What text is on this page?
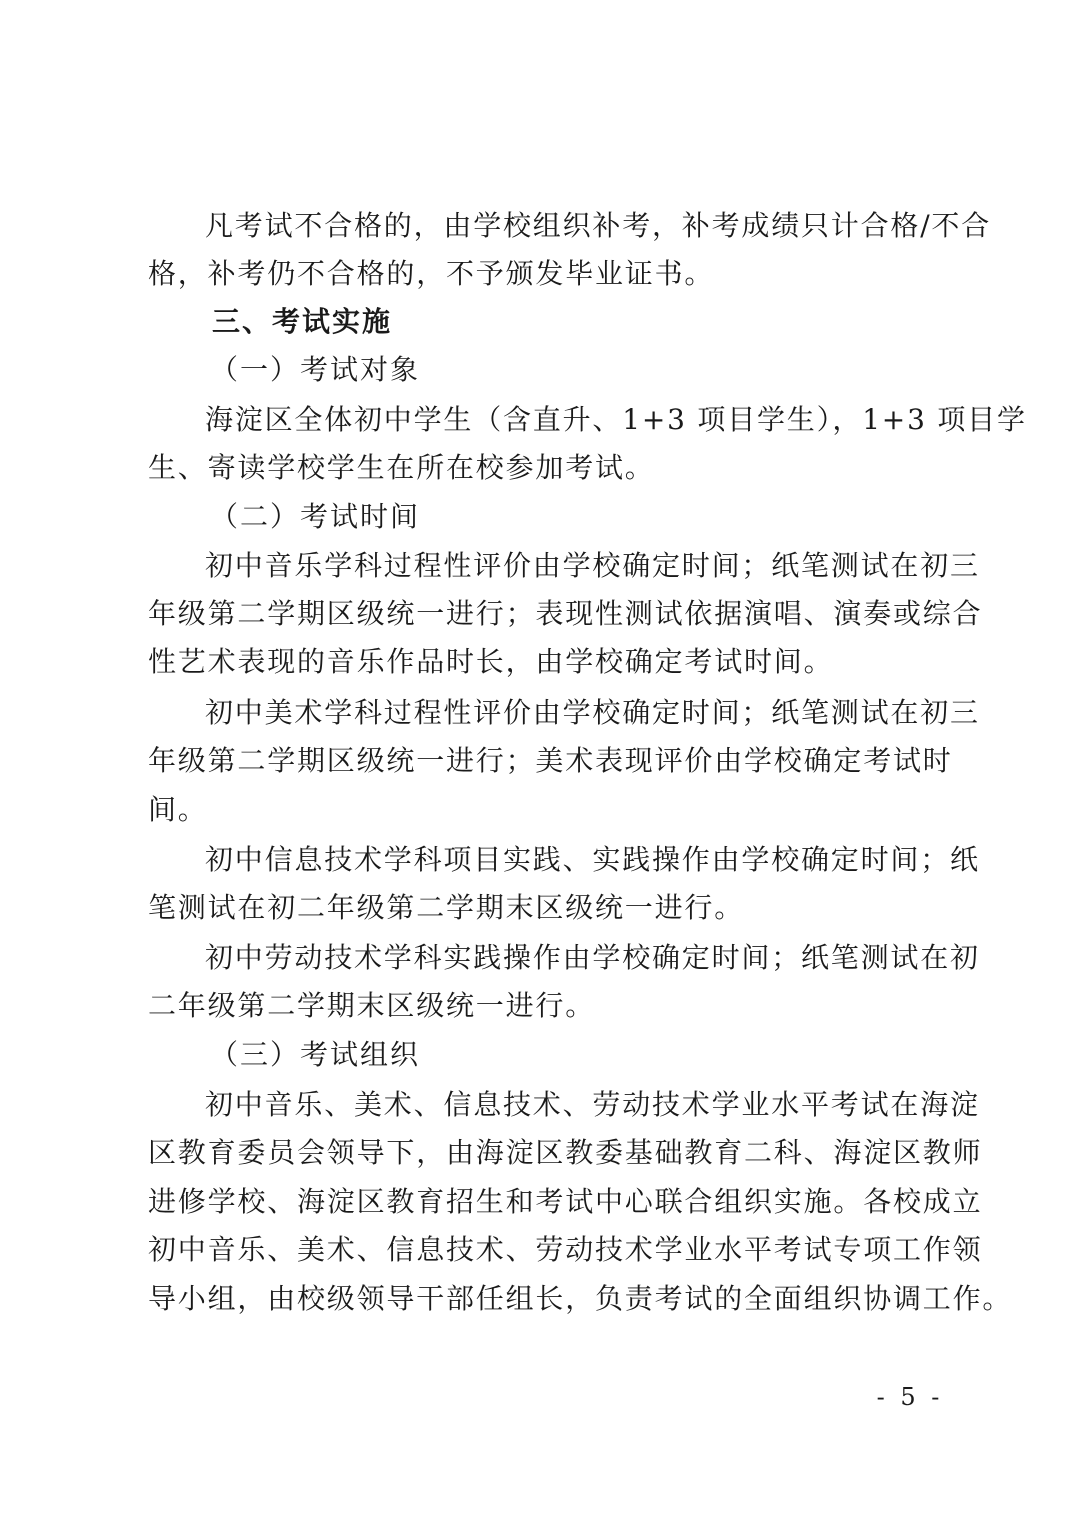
凡考试不合格的，由学校组织补考，补考成绩只计合格/不合
格，补考仍不合格的，不予颁发毕业证书。
三、考试实施
（一）考试对象
海淀区全体初中学生（含直升、1+3 项目学生），1+3 项目学
生、寄读学校学生在所在校参加考试。
（二）考试时间
初中音乐学科过程性评价由学校确定时间；纸笔测试在初三
年级第二学期区级统一进行；表现性测试依据演唱、演奏或综合
性艺术表现的音乐作品时长，由学校确定考试时间。
初中美术学科过程性评价由学校确定时间；纸笔测试在初三
年级第二学期区级统一进行；美术表现评价由学校确定考试时
间。
初中信息技术学科项目实践、实践操作由学校确定时间；纸
笔测试在初二年级第二学期末区级统一进行。
初中劳动技术学科实践操作由学校确定时间；纸笔测试在初
二年级第二学期末区级统一进行。
（三）考试组织
初中音乐、美术、信息技术、劳动技术学业水平考试在海淀
区教育委员会领导下，由海淀区教委基础教育二科、海淀区教师
进修学校、海淀区教育招生和考试中心联合组织实施。各校成立
初中音乐、美术、信息技术、劳动技术学业水平考试专项工作领
导小组，由校级领导干部任组长，负责考试的全面组织协调工作。
- 5 -
